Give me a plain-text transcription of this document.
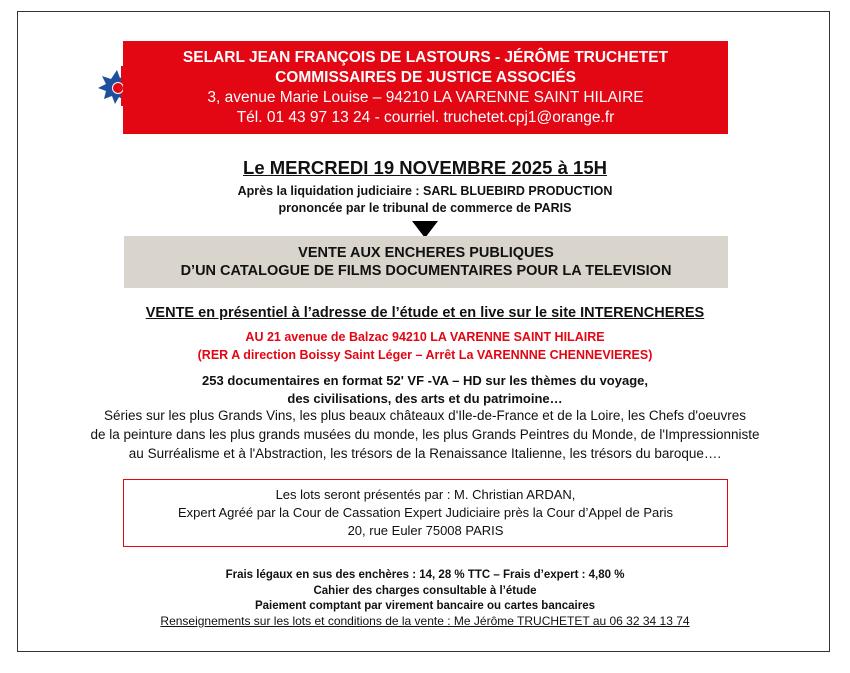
SELARL JEAN FRANÇOIS DE LASTOURS - JÉRÔME TRUCHETET
COMMISSAIRES DE JUSTICE ASSOCIÉS
3, avenue Marie Louise – 94210 LA VARENNE SAINT HILAIRE
Tél. 01 43 97 13 24 - courriel. truchetet.cpj1@orange.fr
Le MERCREDI 19 NOVEMBRE 2025 à 15H
Après la liquidation judiciaire : SARL BLUEBIRD PRODUCTION
prononcée par le tribunal de commerce de PARIS
VENTE AUX ENCHERES PUBLIQUES
D’UN CATALOGUE DE FILMS DOCUMENTAIRES POUR LA TELEVISION
VENTE en présentiel à l’adresse de l’étude et en live sur le site INTERENCHERES
AU 21 avenue de Balzac 94210 LA VARENNE SAINT HILAIRE
(RER A direction Boissy Saint Léger – Arrêt La VARENNNE CHENNEVIERES)
253 documentaires en format 52' VF -VA – HD sur les thèmes du voyage,
des civilisations, des arts et du patrimoine…
Séries sur les plus Grands Vins, les plus beaux châteaux d'Ile-de-France et de la Loire, les Chefs d'oeuvres
de la peinture dans les plus grands musées du monde, les plus Grands Peintres du Monde, de l'Impressionniste
au Surréalisme et à l'Abstraction, les trésors de la Renaissance Italienne, les trésors du baroque….
Les lots seront présentés par : M. Christian ARDAN,
Expert Agréé par la Cour de Cassation Expert Judiciaire près la Cour d’Appel de Paris
20, rue Euler 75008 PARIS
Frais légaux en sus des enchères : 14, 28 % TTC – Frais d’expert : 4,80 %
Cahier des charges consultable à l’étude
Paiement comptant par virement bancaire ou cartes bancaires
Renseignements sur les lots et conditions de la vente : Me Jérôme TRUCHETET au 06 32 34 13 74
